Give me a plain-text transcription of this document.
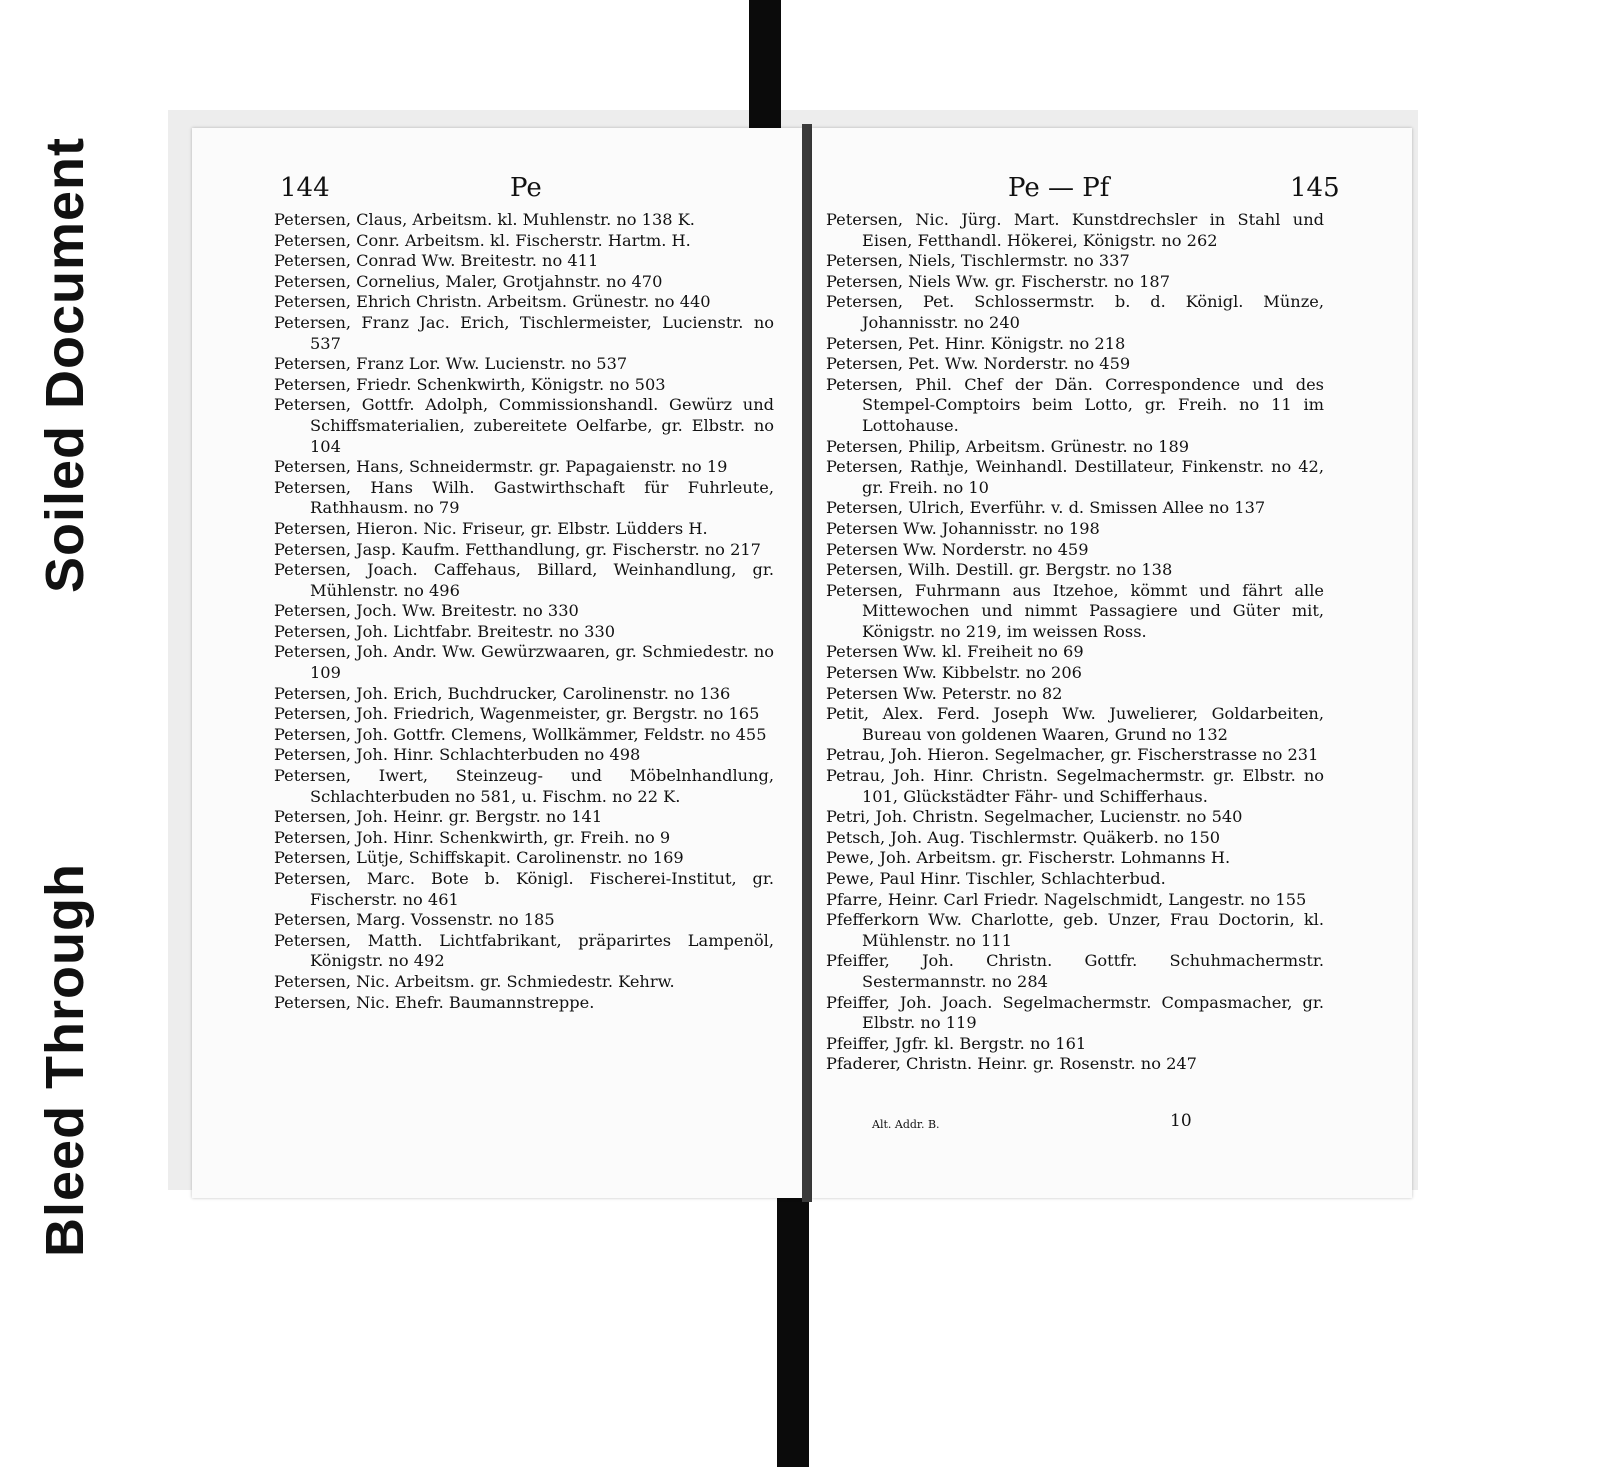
Soiled Document
Bleed Through
144	Pe
Petersen, Claus, Arbeitsm. kl. Muhlenstr. no 138 K.
Petersen, Conr. Arbeitsm. kl. Fischerstr. Hartm. H.
Petersen, Conrad Ww. Breitestr. no 411
Petersen, Cornelius, Maler, Grotjahnstr. no 470
Petersen, Ehrich Christn. Arbeitsm. Grünestr. no 440
Petersen, Franz Jac. Erich, Tischlermeister, Lucienstr. no 537
Petersen, Franz Lor. Ww. Lucienstr. no 537
Petersen, Friedr. Schenkwirth, Königstr. no 503
Petersen, Gottfr. Adolph, Commissionshandl. Gewürz und Schiffsmaterialien, zubereitete Oelfarbe, gr. Elbstr. no 104
Petersen, Hans, Schneidermstr. gr. Papagaienstr. no 19
Petersen, Hans Wilh. Gastwirthschaft für Fuhrleute, Rathhausm. no 79
Petersen, Hieron. Nic. Friseur, gr. Elbstr. Lüdders H.
Petersen, Jasp. Kaufm. Fetthandlung, gr. Fischerstr. no 217
Petersen, Joach. Caffehaus, Billard, Weinhandlung, gr. Mühlenstr. no 496
Petersen, Joch. Ww. Breitestr. no 330
Petersen, Joh. Lichtfabr. Breitestr. no 330
Petersen, Joh. Andr. Ww. Gewürzwaaren, gr. Schmiedestr. no 109
Petersen, Joh. Erich, Buchdrucker, Carolinenstr. no 136
Petersen, Joh. Friedrich, Wagenmeister, gr. Bergstr. no 165
Petersen, Joh. Gottfr. Clemens, Wollkämmer, Feldstr. no 455
Petersen, Joh. Hinr. Schlachterbuden no 498
Petersen, Iwert, Steinzeug- und Möbelnhandlung, Schlachterbuden no 581, u. Fischm. no 22 K.
Petersen, Joh. Heinr. gr. Bergstr. no 141
Petersen, Joh. Hinr. Schenkwirth, gr. Freih. no 9
Petersen, Lütje, Schiffskapit. Carolinenstr. no 169
Petersen, Marc. Bote b. Königl. Fischerei-Institut, gr. Fischerstr. no 461
Petersen, Marg. Vossenstr. no 185
Petersen, Matth. Lichtfabrikant, präparirtes Lampenöl, Königstr. no 492
Petersen, Nic. Arbeitsm. gr. Schmiedestr. Kehrw.
Petersen, Nic. Ehefr. Baumannstreppe.
Pe — Pf	145
Petersen, Nic. Jürg. Mart. Kunstdrechsler in Stahl und Eisen, Fetthandl. Hökerei, Königstr. no 262
Petersen, Niels, Tischlermstr. no 337
Petersen, Niels Ww. gr. Fischerstr. no 187
Petersen, Pet. Schlossermstr. b. d. Königl. Münze, Johannisstr. no 240
Petersen, Pet. Hinr. Königstr. no 218
Petersen, Pet. Ww. Norderstr. no 459
Petersen, Phil. Chef der Dän. Correspondence und des Stempel-Comptoirs beim Lotto, gr. Freih. no 11 im Lottohause.
Petersen, Philip, Arbeitsm. Grünestr. no 189
Petersen, Rathje, Weinhandl. Destillateur, Finkenstr. no 42, gr. Freih. no 10
Petersen, Ulrich, Everführ. v. d. Smissen Allee no 137
Petersen Ww. Johannisstr. no 198
Petersen Ww. Norderstr. no 459
Petersen, Wilh. Destill. gr. Bergstr. no 138
Petersen, Fuhrmann aus Itzehoe, kömmt und fährt alle Mittewochen und nimmt Passagiere und Güter mit, Königstr. no 219, im weissen Ross.
Petersen Ww. kl. Freiheit no 69
Petersen Ww. Kibbelstr. no 206
Petersen Ww. Peterstr. no 82
Petit, Alex. Ferd. Joseph Ww. Juwelierer, Goldarbeiten, Bureau von goldenen Waaren, Grund no 132
Petrau, Joh. Hieron. Segelmacher, gr. Fischerstrasse no 231
Petrau, Joh. Hinr. Christn. Segelmachermstr. gr. Elbstr. no 101, Glückstädter Fähr- und Schifferhaus.
Petri, Joh. Christn. Segelmacher, Lucienstr. no 540
Petsch, Joh. Aug. Tischlermstr. Quäkerb. no 150
Pewe, Joh. Arbeitsm. gr. Fischerstr. Lohmanns H.
Pewe, Paul Hinr. Tischler, Schlachterbud.
Pfarre, Heinr. Carl Friedr. Nagelschmidt, Langestr. no 155
Pfefferkorn Ww. Charlotte, geb. Unzer, Frau Doctorin, kl. Mühlenstr. no 111
Pfeiffer, Joh. Christn. Gottfr. Schuhmachermstr. Sestermannstr. no 284
Pfeiffer, Joh. Joach. Segelmachermstr. Compasmacher, gr. Elbstr. no 119
Pfeiffer, Jgfr. kl. Bergstr. no 161
Pfaderer, Christn. Heinr. gr. Rosenstr. no 247
Alt. Addr. B.	10
